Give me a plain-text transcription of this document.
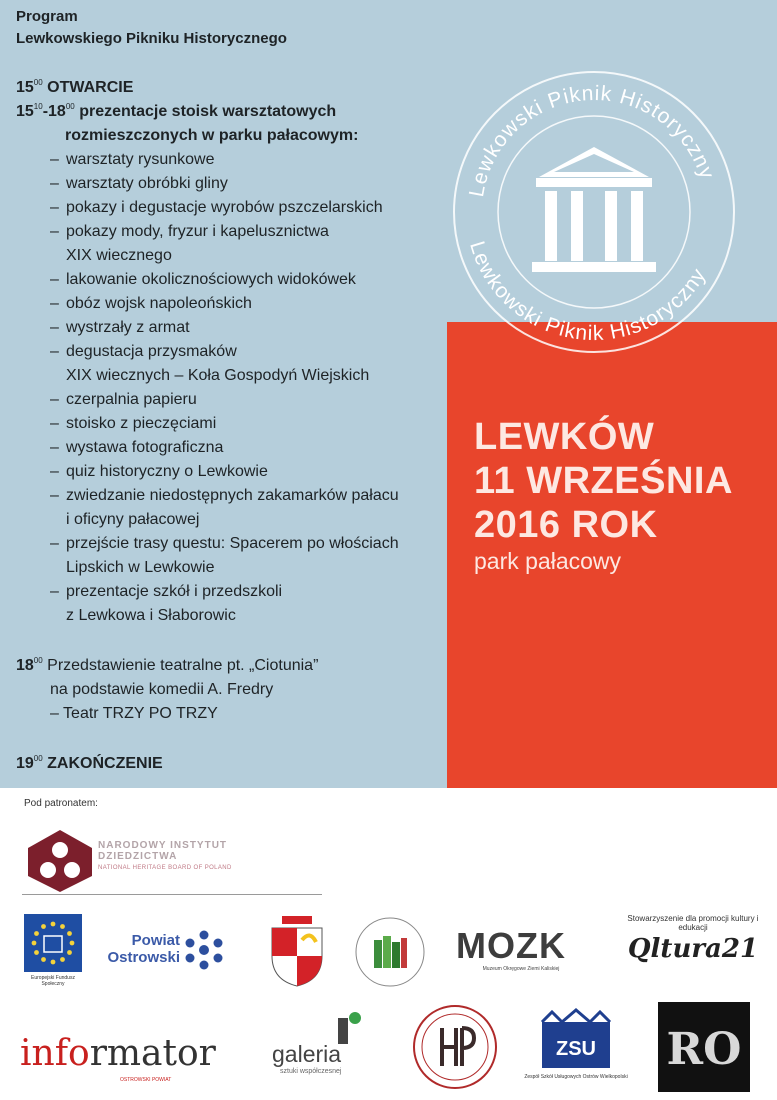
Program
Lewkowskiego Pikniku Historycznego
$15^{00}$ OTWARCIE
$15^{10}-18^{00}$ prezentacje stoisk warsztatowych
rozmieszczonych w parku pałacowym:
– warsztaty rysunkowe
– warsztaty obróbki gliny
– pokazy i degustacje wyrobów pszczelarskich
– pokazy mody, fryzur i kapelusznictwa
XIX wiecznego
– lakowanie okolicznościowych widokówek
– obóz wojsk napoleońskich
– wystrzały z armat
– degustacja przysmaków
XIX wiecznych – Koła Gospodyń Wiejskich
– czerpalnia papieru
– stoisko z pieczęciami
– wystawa fotograficzna
– quiz historyczny o Lewkowie
– zwiedzanie niedostępnych zakamarków pałacu
i oficyny pałacowej
– przejście trasy questu: Spacerem po włościach
Lipskich w Lewkowie
– prezentacje szkół i przedszkoli
z Lewkowa i Słaborowic
$18^{00}$ Przedstawienie teatralne pt. „Ciotunia”
na podstawie komedii A. Fredry
– Teatr TRZY PO TRZY
$19^{00}$ ZAKOŃCZENIE
Lewkowski Piknik Historyczny
Lewkowski Piknik Historyczny
LEWKÓW
11 WRZEŚNIA
2016 ROK
park pałacowy
Pod patronatem:
NARODOWY INSTYTUT
DZIEDZICTWA
NATIONAL HERITAGE BOARD OF POLAND
Europejski Fundusz Społeczny
Powiat
Ostrowski	MOZK
Muzeum Okręgowe Ziemi Kaliskiej
Stowarzyszenie dla promocji kultury i edukacji
Qltura21
informator
OSTROWSKI POWIAT
galeria
sztuki współczesnej
ZSU
Zespół Szkół Usługowych Ostrów Wielkopolski
RO
